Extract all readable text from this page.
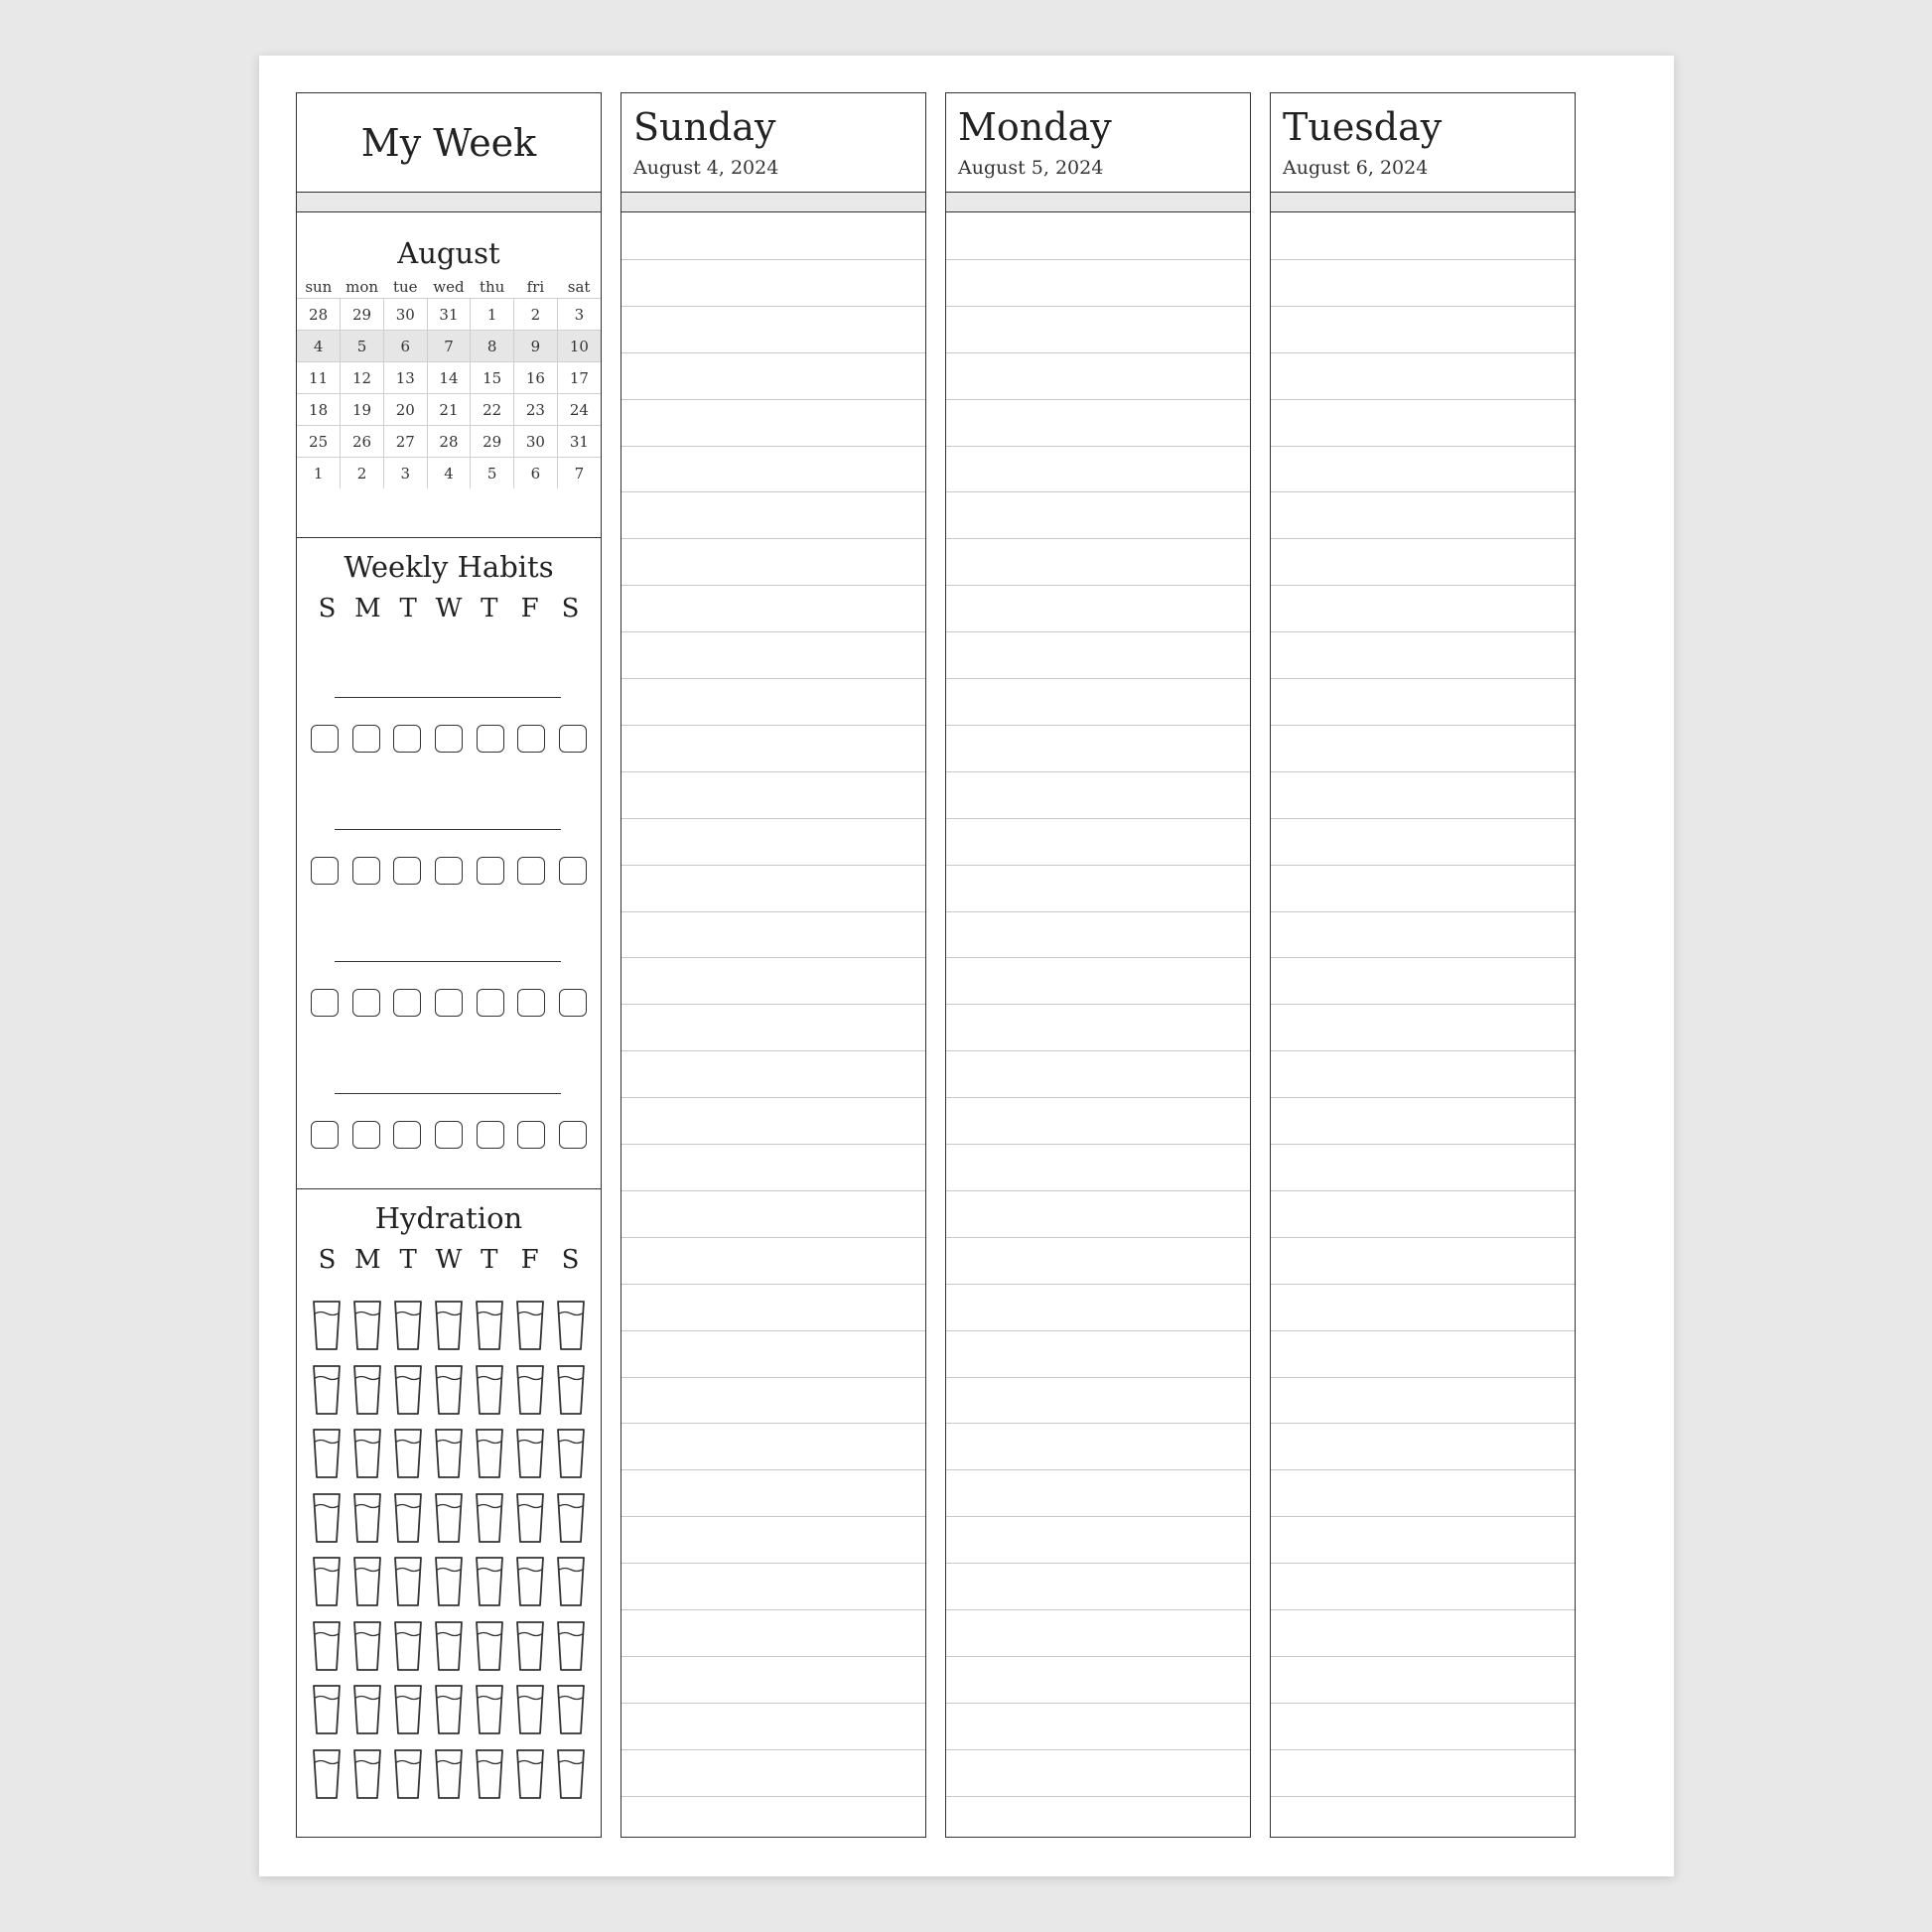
My Week
August
sun	mon	tue	wed	thu	fri	sat
28	29	30	31	1	2	3
4	5	6	7	8	9	10
11	12	13	14	15	16	17
18	19	20	21	22	23	24
25	26	27	28	29	30	31
1	2	3	4	5	6	7
Weekly Habits
S M T W T F S
Hydration
S M T W T F S
Sunday
August 4, 2024
Monday
August 5, 2024
Tuesday
August 6, 2024
